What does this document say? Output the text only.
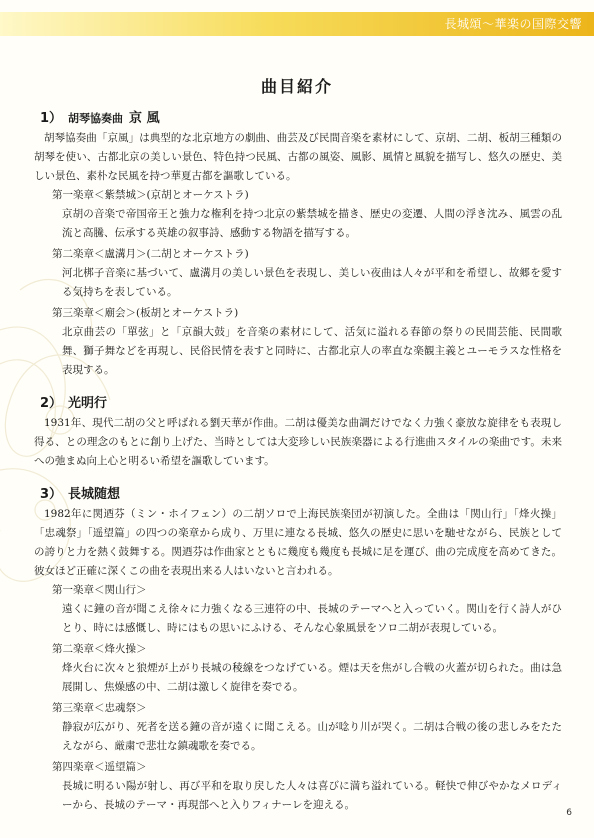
長城頌〜華楽の国際交響
曲目紹介
1） 胡琴協奏曲 京 風

胡琴協奏曲「京風」は典型的な北京地方の劇曲、曲芸及び民間音楽を素材にして、京胡、二胡、板胡三種類の胡琴を使い、古都北京の美しい景色、特色持つ民風、古都の風姿、風影、風情と風貌を描写し、悠久の歴史、美しい景色、素朴な民風を持つ華夏古都を謳歌している。

第一楽章＜紫禁城＞(京胡とオーケストラ)

京胡の音楽で帝国帝王と強力な権利を持つ北京の紫禁城を描き、歴史の変遷、人間の浮き沈み、風雲の乱流と高騰、伝承する英雄の叙事詩、感動する物語を描写する。

第二楽章＜盧溝月＞(二胡とオーケストラ)

河北梆子音楽に基づいて、盧溝月の美しい景色を表現し、美しい夜曲は人々が平和を希望し、故郷を愛する気持ちを表している。

第三楽章＜廟会＞(板胡とオーケストラ)

北京曲芸の「單弦」と「京韻大鼓」を音楽の素材にして、活気に溢れる春節の祭りの民間芸能、民間歌舞、獅子舞などを再現し、民俗民情を表すと同時に、古都北京人の率直な楽観主義とユーモラスな性格を表現する。

2） 光明行

1931年、現代二胡の父と呼ばれる劉天華が作曲。二胡は優美な曲調だけでなく力強く豪放な旋律をも表現し得る、との理念のもとに創り上げた、当時としては大変珍しい民族楽器による行進曲スタイルの楽曲です。未来への弛まぬ向上心と明るい希望を謳歌しています。

3） 長城随想

1982年に関迺芬（ミン・ホイフェン）の二胡ソロで上海民族楽団が初演した。全曲は「関山行」「烽火操」「忠魂祭」「遥望篇」の四つの楽章から成り、万里に連なる長城、悠久の歴史に思いを馳せながら、民族としての誇りと力を熱く鼓舞する。関迺芬は作曲家とともに幾度も幾度も長城に足を運び、曲の完成度を高めてきた。彼女ほど正確に深くこの曲を表現出来る人はいないと言われる。

第一楽章＜関山行＞

遠くに鐘の音が聞こえ徐々に力強くなる三連符の中、長城のテーマへと入っていく。関山を行く詩人がひとり、時には感慨し、時にはもの思いにふける、そんな心象風景をソロ二胡が表現している。

第二楽章＜烽火操＞

烽火台に次々と狼煙が上がり長城の稜線をつなげている。煙は天を焦がし合戦の火蓋が切られた。曲は急展開し、焦燥感の中、二胡は激しく旋律を奏でる。

第三楽章＜忠魂祭＞

静寂が広がり、死者を送る鐘の音が遠くに聞こえる。山が唸り川が哭く。二胡は合戦の後の悲しみをたたえながら、厳粛で悲壮な鎮魂歌を奏でる。

第四楽章＜遥望篇＞

長城に明るい陽が射し、再び平和を取り戻した人々は喜びに満ち溢れている。軽快で伸びやかなメロディーから、長城のテーマ・再現部へと入りフィナーレを迎える。

6
